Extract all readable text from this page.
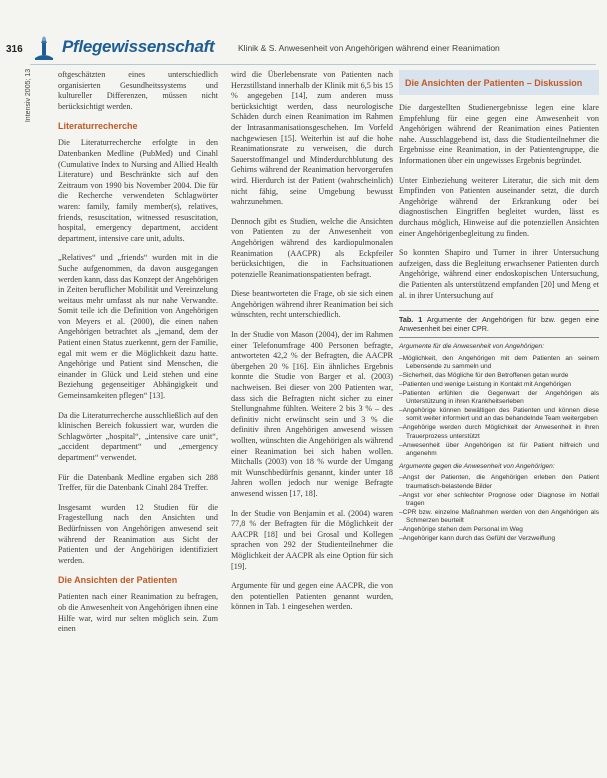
316 Pflegewissenschaft	Klinik & S. Anwesenheit von Angehörigen während einer Reanimation
Intensiv 2005; 13	oftgeschätzten eines unterschiedlich organisierten Gesundheitssystems und kultureller Differenzen, müssen nicht berücksichtigt werden.

Literaturrecherche

Die Literaturrecherche erfolgte in den Datenbanken Medline (PubMed) und Cinahl (Cumulative Index to Nursing and Allied Health Literature) und Beschränkte sich auf den Zeitraum von 1990 bis November 2004. Die für die Recherche verwendeten Schlagwörter waren: family, family member(s), relatives, friends, resuscitation, witnessed resuscitation, hospital, emergency department, accident department, intensive care unit, adults.

„Relatives“ und „friends“ wurden mit in die Suche aufgenommen, da davon ausgegangen werden kann, dass das Konzept der Angehörigen in Zeiten beruflicher Mobilität und Vereinzelung weitaus mehr umfasst als nur nahe Verwandte. Somit teile ich die Definition von Angehörigen von Meyers et al. (2000), die einen nahen Angehörigen betrachtet als „jemand, dem der Patient einen Status zuerkennt, gern der Familie, egal mit wem er die Möglichkeit dazu hatte. Angehörige und Patient sind Menschen, die einander in Glück und Leid stehen und eine Beziehung gegenseitiger Abhängigkeit und Gemeinsamkeiten pflegen“ [13].

Da die Literaturrecherche ausschließlich auf den klinischen Bereich fokussiert war, wurden die Schlagwörter „hospital“, „intensive care unit“, „accident department“ und „emergency department“ verwendet.

Für die Datenbank Medline ergaben sich 288 Treffer, für die Datenbank Cinahl 284 Treffer.

Insgesamt wurden 12 Studien für die Fragestellung nach den Ansichten und Bedürfnissen von Angehörigen anwesend seit während der Reanimation aus Sicht der Patienten und der Angehörigen identifiziert werden.

Die Ansichten der Patienten

Patienten nach einer Reanimation zu befragen, ob die Anwesenheit von Angehörigen ihnen eine Hilfe war, wird nur selten möglich sein. Zum einen

wird die Überlebensrate von Patienten nach Herzstillstand innerhalb der Klinik mit 6,5 bis 15 % angegeben [14], zum anderen muss berücksichtigt werden, dass neurologische Schäden durch einen Reanimation im Rahmen der Intrasanmanisationsgeschehen. Im Vorfeld nachgewiesen [15]. Weiterhin ist auf die hohe Reanimationsrate zu verweisen, die durch Sauerstoffmangel und Minderdurchblutung des Gehirns während der Reanimation hervorgerufen wird. Hierdurch ist der Patient (wahrscheinlich) nicht fähig, seine Umgebung bewusst wahrzunehmen.

Dennoch gibt es Studien, welche die Ansichten von Patienten zu der Anwesenheit von Angehörigen während des kardiopulmonalen Reanimation (AACPR) als Eckpfeiler berücksichtigen, die in Fachsituationen potenzielle Reanimationspatienten befragt.

Diese beantworteten die Frage, ob sie sich einen Angehörigen während ihrer Reanimation bei sich wünschten, recht unterschiedlich.

In der Studie von Mason (2004), der im Rahmen einer Telefonumfrage 400 Personen befragte, antworteten 42,2 % der Befragten, die AACPR übergehen 20 % [16]. Ein ähnliches Ergebnis konnte die Studie von Barger et al. (2003) nachweisen. Bei dieser von 200 Patienten war, dass sich die Befragten nicht sicher zu einer Stellungnahme fühlten. Weitere 2 bis 3 % – des definitiv nicht erwünscht sein und 3 % die definitiv ihren Angehörigen anwesend wissen wollten, wünschten die Angehörigen als während einer Reanimation bei sich haben wollen. Mitchalls (2003) von 18 % wurde der Umgang mit Wunschbedürfnis genannt, kinder unter 18 Jahren wollen jedoch nur wenige Befragte anwesend wissen [17, 18].

In der Studie von Benjamin et al. (2004) waren 77,8 % der Befragten für die Möglichkeit der AACPR [18] und bei Grosal und Kollegen sprachen von 292 der Studienteilnehmer die Möglichkeit der AACPR als eine Option für sich [19].

Argumente für und gegen eine AACPR, die von den potentiellen Patienten genannt wurden, können in Tab. 1 eingesehen werden.

Die Ansichten der Patienten – Diskussion

Die dargestellten Studienergebnisse legen eine klare Empfehlung für eine gegen eine Anwesenheit von Angehörigen während der Reanimation eines Patienten nahe. Ausschlaggebend ist, dass die Studienteilnehmer die Ergebnisse eine Reanimation, in der Patientengruppe, die Informationen über ein ungewisses Ergebnis begründet.

Unter Einbeziehung weiterer Literatur, die sich mit dem Empfinden von Patienten auseinander setzt, die durch Angehörige während der Erkrankung oder bei diagnostischen Eingriffen begleitet wurden, lässt es durchaus möglich, Hinweise auf die potenziellen Ansichten einer Angehörigenbegleitung zu finden.

So konnten Shapiro und Turner in ihrer Untersuchung aufzeigen, dass die Begleitung erwachsener Patienten durch Angehörige, während einer endoskopischen Untersuchung, die Patienten als unterstützend empfanden [20] und Meng et al. in ihrer Untersuchung auf

Tab. 1 Argumente der Angehörigen für bzw. gegen eine Anwesenheit bei einer CPR.
Argumente für die Anwesenheit von Angehörigen:
– Möglichkeit, den Angehörigen mit dem Patienten an seinem Lebensende zu sammeln und
– Sicherheit, das Mögliche für den Betroffenen getan wurde
– Patienten und wenige Leistung in Kontakt mit Angehörigen
– Patienten erfühlen die Gegenwart der Angehörigen als Unterstützung in ihren Krankheitserleben
– Angehörige können bewältigen des Patienten und können diese somit weiter informiert und an das behandelnde Team weitergeben
– Angehörige werden durch Möglichkeit der Anwesenheit in ihren Trauerprozess unterstützt
– Anwesenheit über Angehörigen ist für Patient hilfreich und angenehm
Argumente gegen die Anwesenheit von Angehörigen:
– Angst der Patienten, die Angehörigen erleben den Patient traumatisch-belastende Bilder
– Angst vor eher schlechter Prognose oder Diagnose im Notfall tragen
– CPR bzw. einzelne Maßnahmen werden von den Angehörigen als Schmerzen beurteilt
– Angehörige stehen dem Personal im Weg
– Angehöriger kann durch das Gefühl der Verzweiflung
